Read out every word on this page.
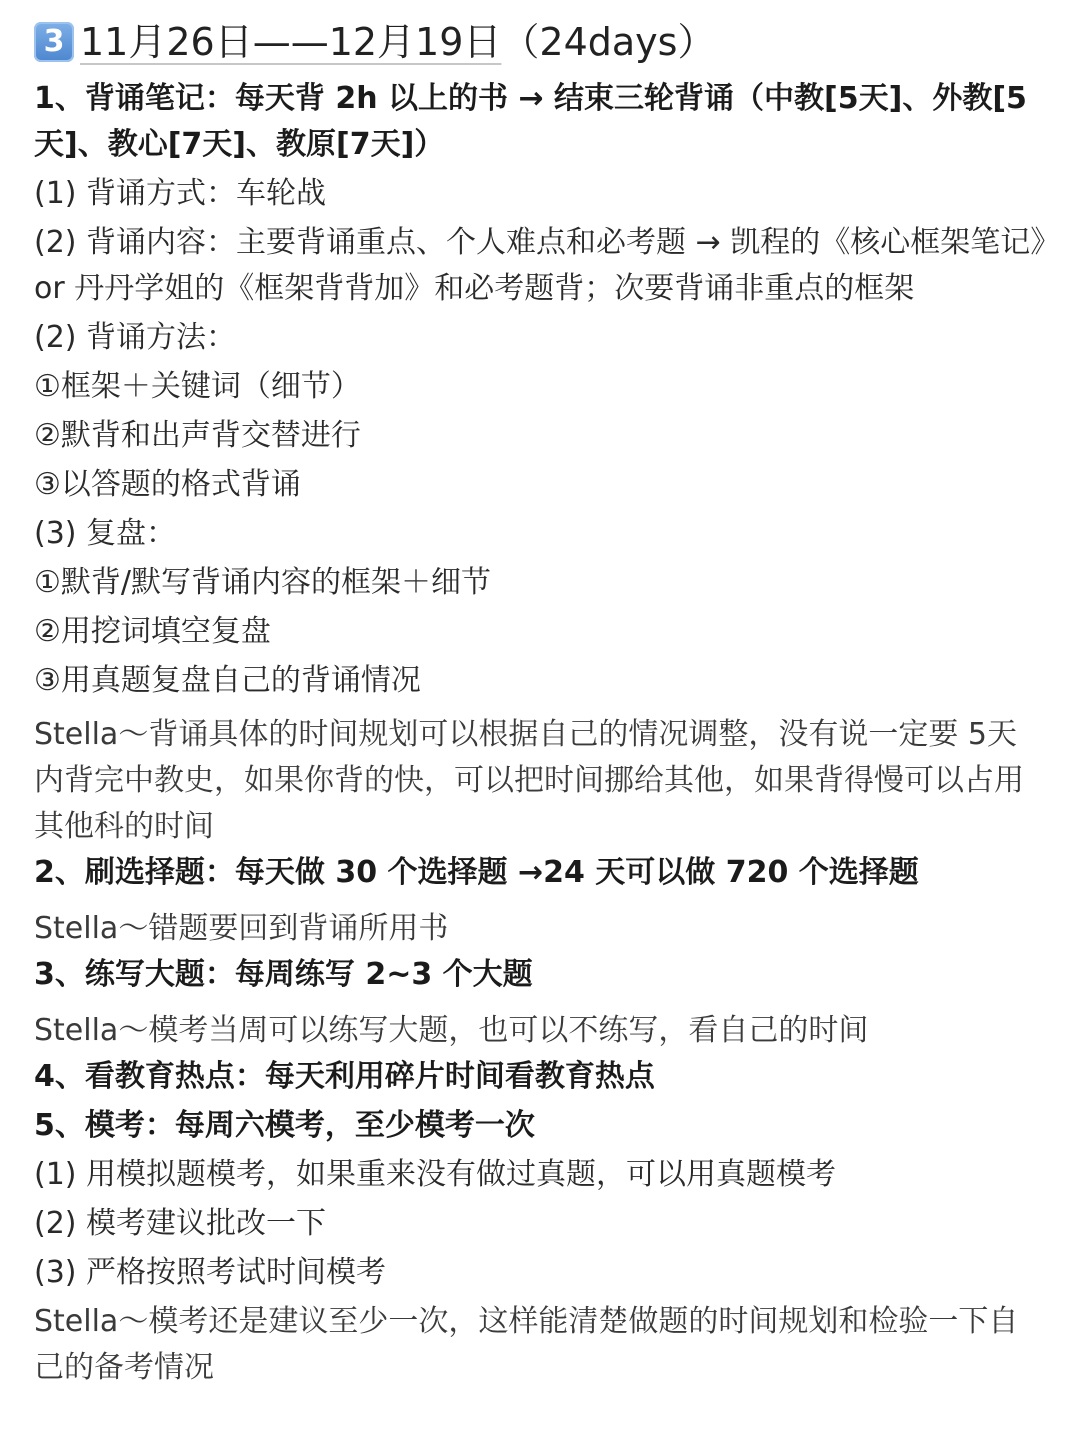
3 11月26日——12月19日（24days）
1、背诵笔记：每天背 2h 以上的书 → 结束三轮背诵（中教[5天]、外教[5天]、教心[7天]、教原[7天]）
(1) 背诵方式：车轮战
(2) 背诵内容：主要背诵重点、个人难点和必考题 → 凯程的《核心框架笔记》or 丹丹学姐的《框架背背加》和必考题背；次要背诵非重点的框架
(2) 背诵方法：
①框架＋关键词（细节）
②默背和出声背交替进行
③以答题的格式背诵
(3) 复盘：
①默背/默写背诵内容的框架＋细节
②用挖词填空复盘
③用真题复盘自己的背诵情况
Stella～背诵具体的时间规划可以根据自己的情况调整，没有说一定要 5天内背完中教史，如果你背的快，可以把时间挪给其他，如果背得慢可以占用其他科的时间
2、刷选择题：每天做 30 个选择题 →24 天可以做 720 个选择题
Stella～错题要回到背诵所用书
3、练写大题：每周练写 2~3 个大题
Stella～模考当周可以练写大题，也可以不练写，看自己的时间
4、看教育热点：每天利用碎片时间看教育热点
5、模考：每周六模考，至少模考一次
(1) 用模拟题模考，如果重来没有做过真题，可以用真题模考
(2) 模考建议批改一下
(3) 严格按照考试时间模考
Stella～模考还是建议至少一次，这样能清楚做题的时间规划和检验一下自己的备考情况
